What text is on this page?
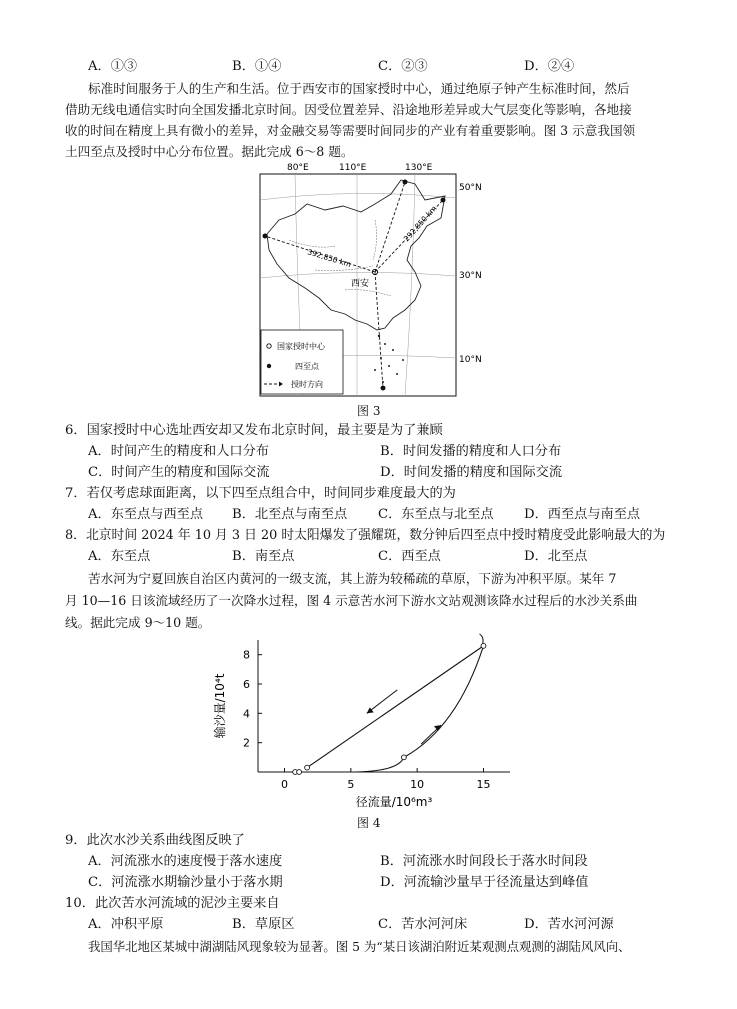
A．①③	B．①④	C．②③	D．②④
标准时间服务于人的生产和生活。位于西安市的国家授时中心，通过绝原子钟产生标准时间，然后
借助无线电通信实时向全国发播北京时间。因受位置差异、沿途地形差异或大气层变化等影响，各地接
收的时间在精度上具有微小的差异，对金融交易等需要时间同步的产业有着重要影响。图 3 示意我国领
土四至点及授时中心分布位置。据此完成 6～8 题。
80°E	110°E	130°E
50°N
30°N
10°N
西安
392,850 km
292,850 km
国家授时中心
四至点
授时方向
图 3
6．国家授时中心选址西安却又发布北京时间，最主要是为了兼顾
A．时间产生的精度和人口分布	B．时间发播的精度和人口分布
C．时间产生的精度和国际交流	D．时间发播的精度和国际交流
7．若仅考虑球面距离，以下四至点组合中，时间同步难度最大的为
A．东至点与西至点 B．北至点与南至点 C．东至点与北至点 D．西至点与南至点
8．北京时间 2024 年 10 月 3 日 20 时太阳爆发了强耀斑，数分钟后四至点中授时精度受此影响最大的为
A．东至点	B．南至点	C．西至点	D．北至点
苦水河为宁夏回族自治区内黄河的一级支流，其上游为较稀疏的草原，下游为冲积平原。某年 7
月 10—16 日该流域经历了一次降水过程，图 4 示意苦水河下游水文站观测该降水过程后的水沙关系曲
线。据此完成 9～10 题。
0	5	10	15
2
4
6
8
径流量/10⁶m³
输沙量/10⁴t
图 4
9．此次水沙关系曲线图反映了
A．河流涨水的速度慢于落水速度	B．河流涨水时间段长于落水时间段
C．河流涨水期输沙量小于落水期	D．河流输沙量早于径流量达到峰值
10．此次苦水河流域的泥沙主要来自
A．冲积平原	B．草原区	C．苦水河河床	D．苦水河河源
我国华北地区某城中湖湖陆风现象较为显著。图 5 为“某日该湖泊附近某观测点观测的湖陆风风向、
